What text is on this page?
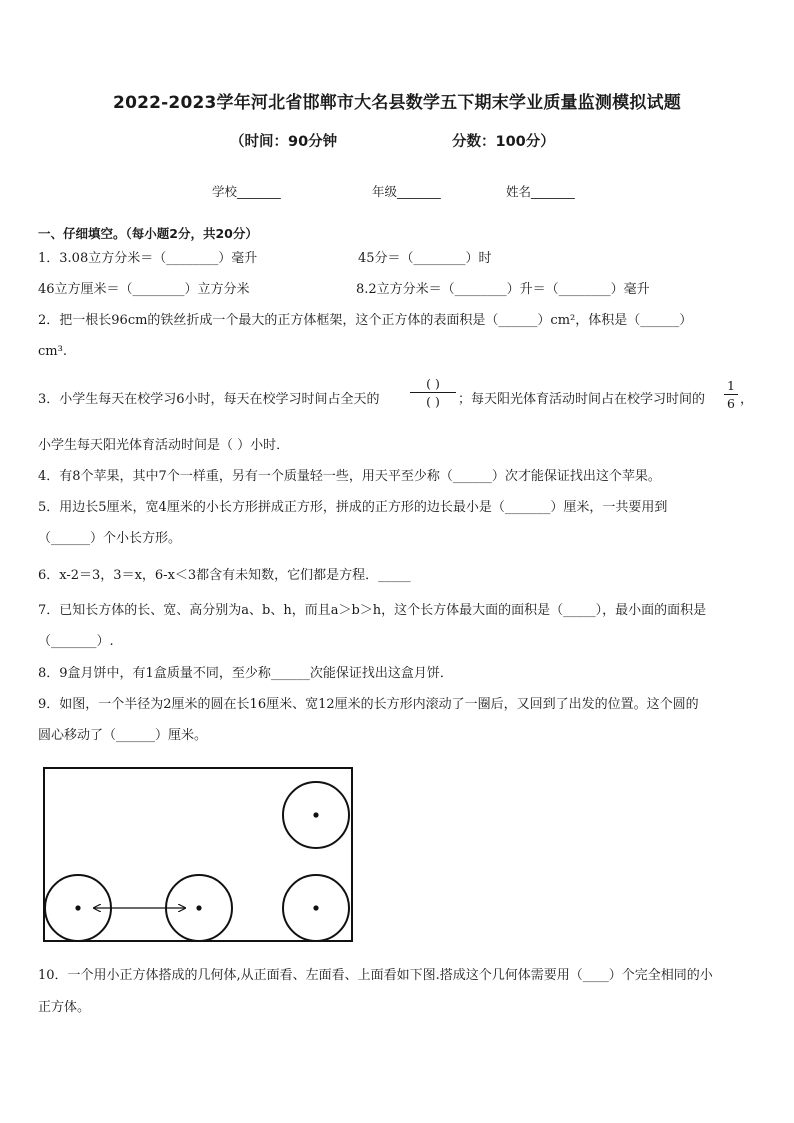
2022-2023学年河北省邯郸市大名县数学五下期末学业质量监测模拟试题
（时间：90分钟	分数：100分）
学校_______	年级_______	姓名_______
一、仔细填空。（每小题2分，共20分）
1．3.08立方分米＝（________）毫升	45分＝（________）时
46立方厘米＝（________）立方分米	8.2立方分米＝（________）升＝（________）毫升
2．把一根长96cm的铁丝折成一个最大的正方体框架，这个正方体的表面积是（______）cm²，体积是（______）
cm³.
3．小学生每天在校学习6小时，每天在校学习时间占全天的
( )
( )	；每天阳光体育活动时间占在校学习时间的
1
6 ，
小学生每天阳光体育活动时间是（ ）小时．
4．有8个苹果，其中7个一样重，另有一个质量轻一些，用天平至少称（______）次才能保证找出这个苹果。
5．用边长5厘米，宽4厘米的小长方形拼成正方形，拼成的正方形的边长最小是（_______）厘米，一共要用到
（______）个小长方形。
6．x-2＝3，3＝x，6-x＜3都含有未知数，它们都是方程．_____
7．已知长方体的长、宽、高分别为a、b、h，而且a＞b＞h，这个长方体最大面的面积是（_____），最小面的面积是
（_______）.
8．9盒月饼中，有1盒质量不同，至少称______次能保证找出这盒月饼．
9．如图，一个半径为2厘米的圆在长16厘米、宽12厘米的长方形内滚动了一圈后，又回到了出发的位置。这个圆的
圆心移动了（______）厘米。
10．一个用小正方体搭成的几何体,从正面看、左面看、上面看如下图.搭成这个几何体需要用（____）个完全相同的小
正方体。
